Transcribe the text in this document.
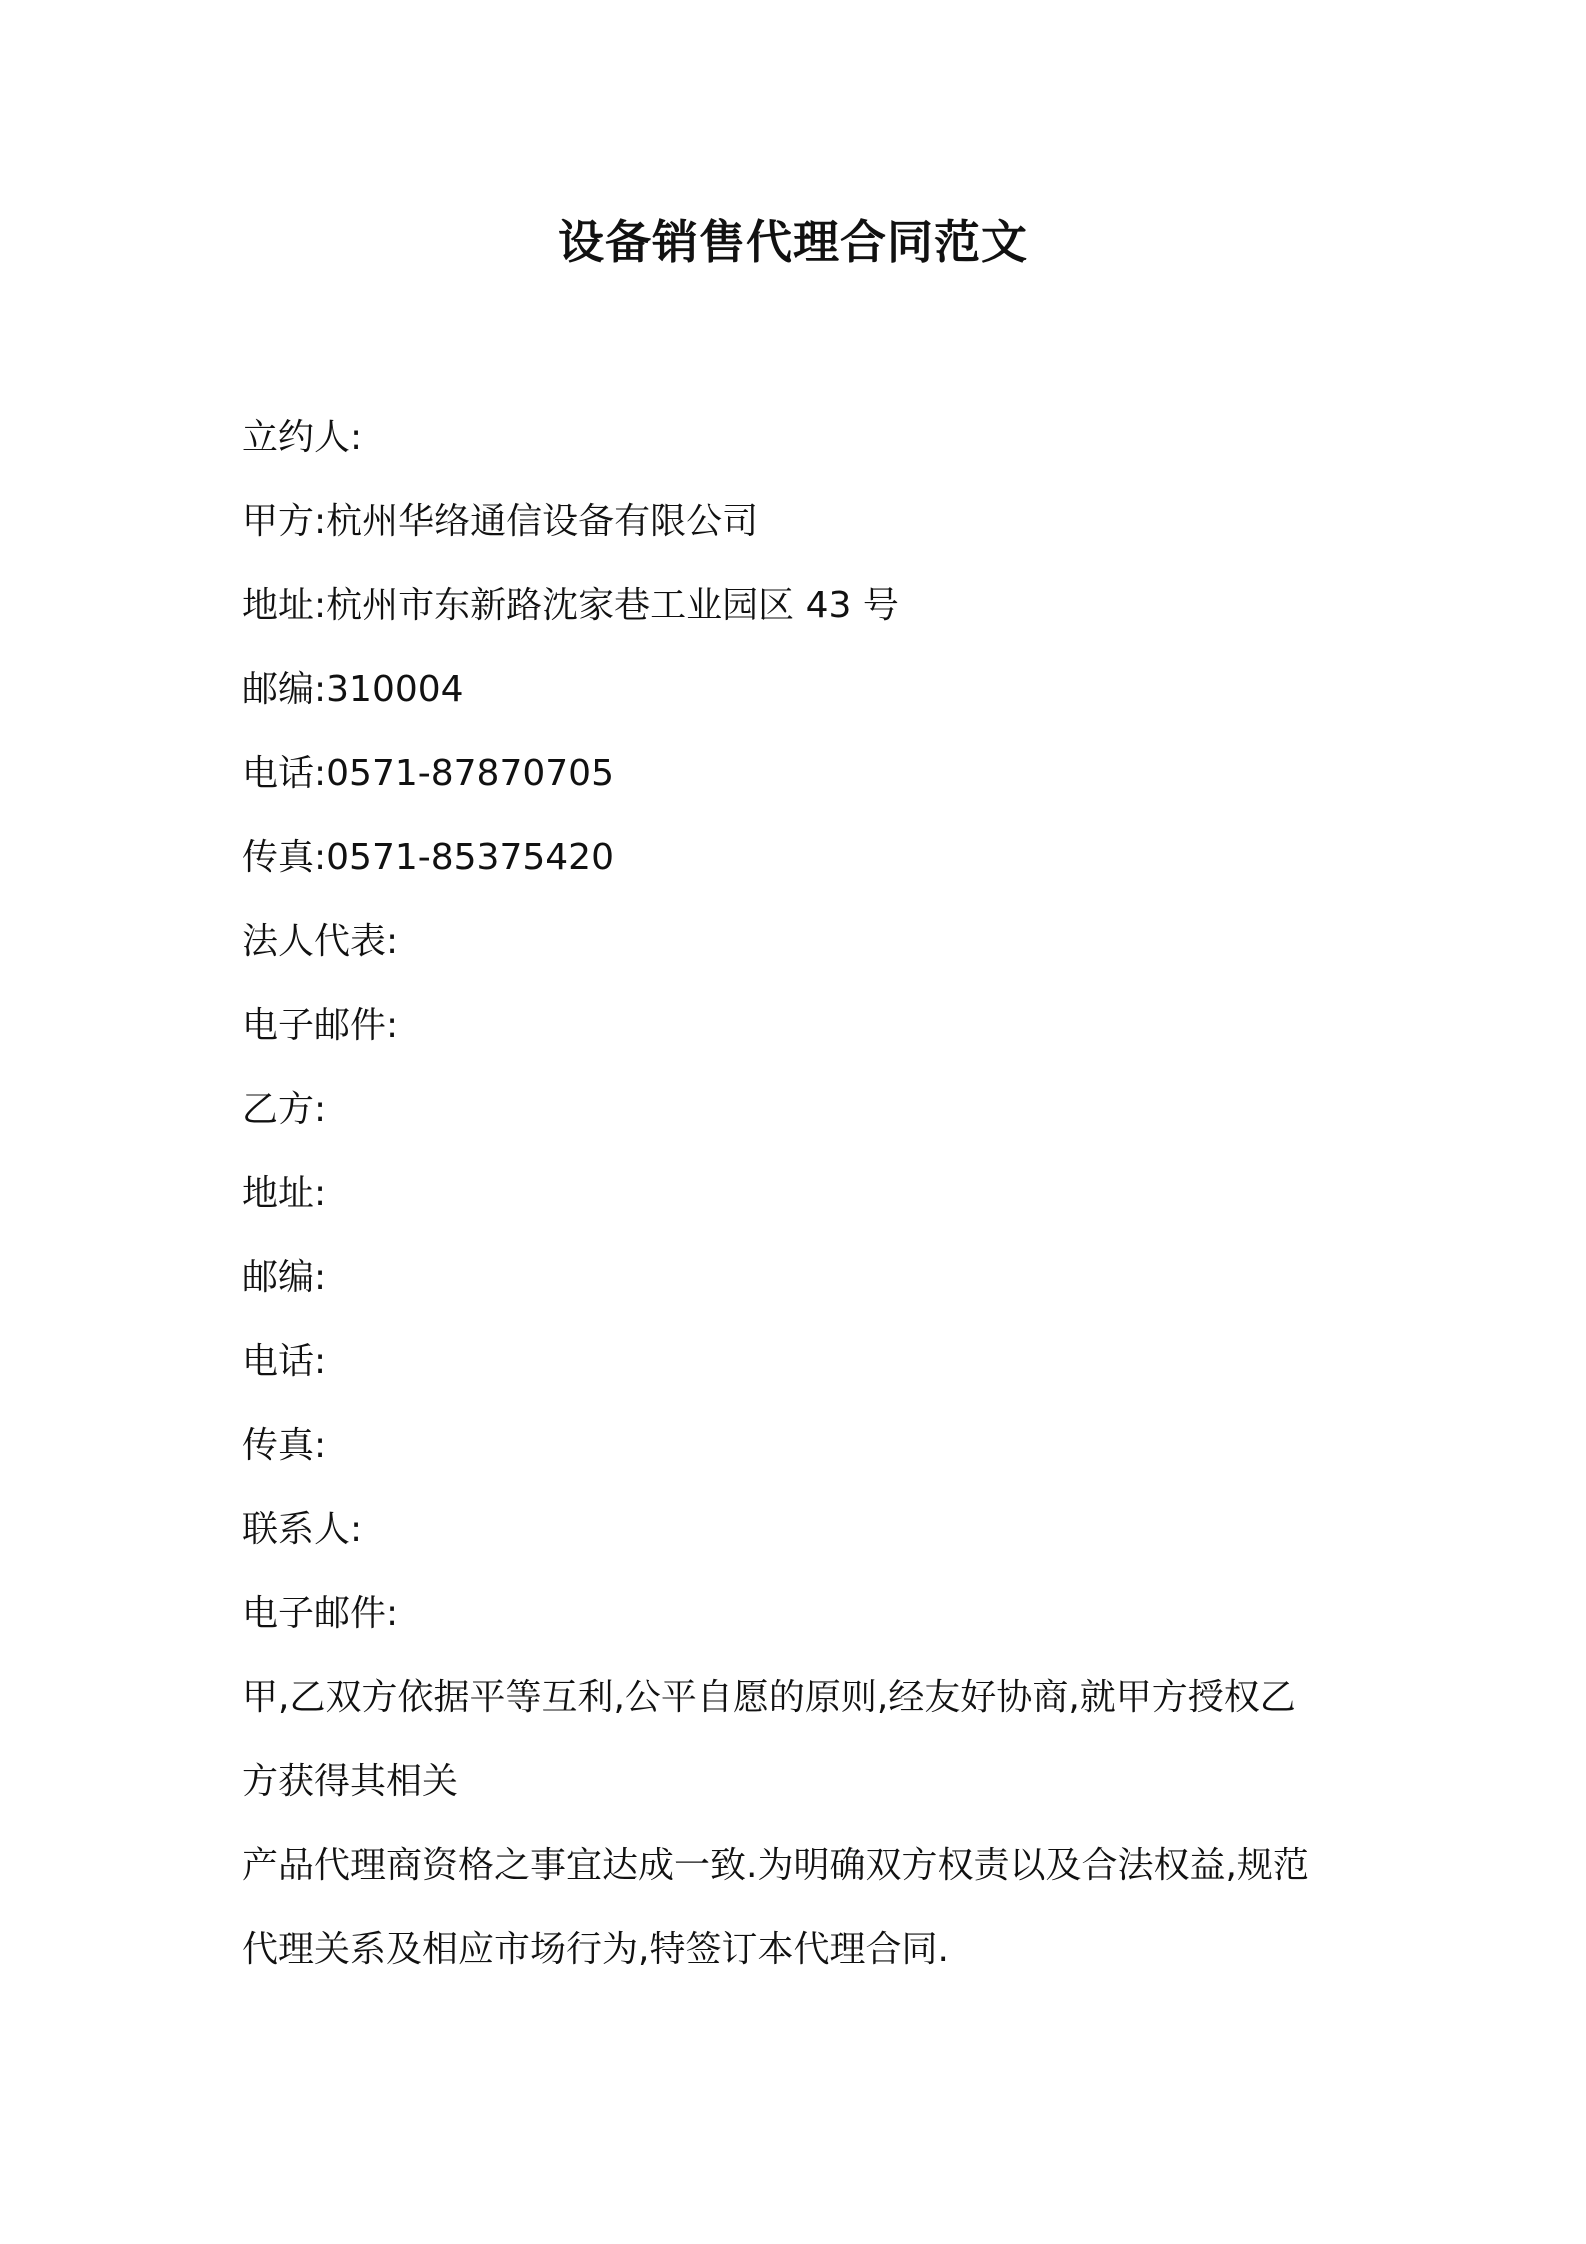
设备销售代理合同范文
立约人:
甲方:杭州华络通信设备有限公司
地址:杭州市东新路沈家巷工业园区 43 号
邮编:310004
电话:0571-87870705
传真:0571-85375420
法人代表:
电子邮件:
乙方:
地址:
邮编:
电话:
传真:
联系人:
电子邮件:
甲,乙双方依据平等互利,公平自愿的原则,经友好协商,就甲方授权乙
方获得其相关
产品代理商资格之事宜达成一致.为明确双方权责以及合法权益,规范
代理关系及相应市场行为,特签订本代理合同.
